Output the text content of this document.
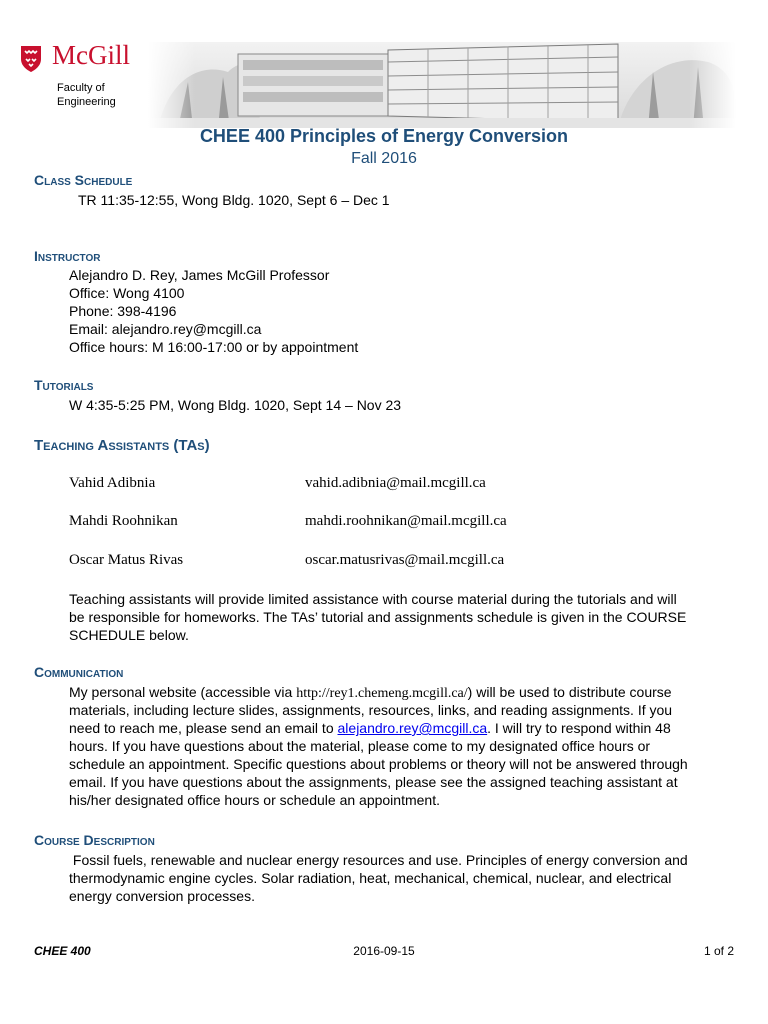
McGill
Faculty of
Engineering
CHEE 400 Principles of Energy Conversion
Fall 2016
Class Schedule
TR 11:35-12:55, Wong Bldg. 1020, Sept 6 – Dec 1
Instructor
Alejandro D. Rey, James McGill Professor
Office: Wong 4100
Phone: 398-4196
Email: alejandro.rey@mcgill.ca
Office hours: M 16:00-17:00 or by appointment
Tutorials
W 4:35-5:25 PM, Wong Bldg. 1020, Sept 14 – Nov 23
Teaching Assistants (TAs)
Vahid Adibnia	vahid.adibnia@mail.mcgill.ca
Mahdi Roohnikan	mahdi.roohnikan@mail.mcgill.ca
Oscar Matus Rivas	oscar.matusrivas@mail.mcgill.ca
Teaching assistants will provide limited assistance with course material during the tutorials and will
be responsible for homeworks. The TAs’ tutorial and assignments schedule is given in the COURSE
SCHEDULE below.
Communication
My personal website (accessible via http://rey1.chemeng.mcgill.ca/) will be used to distribute course
materials, including lecture slides, assignments, resources, links, and reading assignments. If you
need to reach me, please send an email to alejandro.rey@mcgill.ca. I will try to respond within 48
hours. If you have questions about the material, please come to my designated office hours or
schedule an appointment. Specific questions about problems or theory will not be answered through
email. If you have questions about the assignments, please see the assigned teaching assistant at
his/her designated office hours or schedule an appointment.
Course Description
Fossil fuels, renewable and nuclear energy resources and use. Principles of energy conversion and
thermodynamic engine cycles. Solar radiation, heat, mechanical, chemical, nuclear, and electrical
energy conversion processes.
CHEE 400	2016-09-15	1 of 2
